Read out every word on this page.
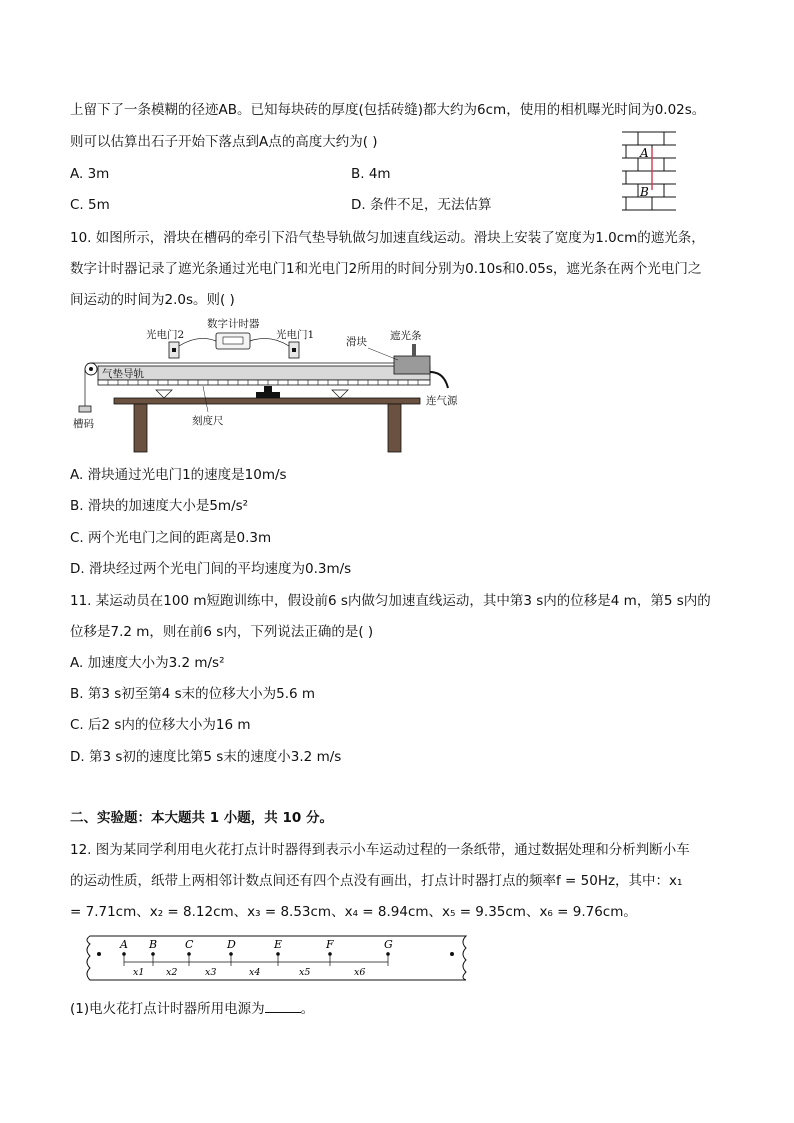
上留下了一条模糊的径迹AB。已知每块砖的厚度(包括砖缝)都大约为6cm，使用的相机曝光时间为0.02s。
则可以估算出石子开始下落点到A点的高度大约为( )
A. 3m	B. 4m
C. 5m	D. 条件不足，无法估算
A
B
10. 如图所示，滑块在槽码的牵引下沿气垫导轨做匀加速直线运动。滑块上安装了宽度为1.0cm的遮光条，
数字计时器记录了遮光条通过光电门1和光电门2所用的时间分别为0.10s和0.05s，遮光条在两个光电门之
间运动的时间为2.0s。则( )
数字计时器
光电门2	光电门1
滑块 遮光条
气垫导轨
连气源
槽码	刻度尺
A. 滑块通过光电门1的速度是10m/s
B. 滑块的加速度大小是5m/s²
C. 两个光电门之间的距离是0.3m
D. 滑块经过两个光电门间的平均速度为0.3m/s
11. 某运动员在100 m短跑训练中，假设前6 s内做匀加速直线运动，其中第3 s内的位移是4 m，第5 s内的
位移是7.2 m，则在前6 s内，下列说法正确的是( )
A. 加速度大小为3.2 m/s²
B. 第3 s初至第4 s末的位移大小为5.6 m
C. 后2 s内的位移大小为16 m
D. 第3 s初的速度比第5 s末的速度小3.2 m/s
二、实验题：本大题共 1 小题，共 10 分。
12. 图为某同学利用电火花打点计时器得到表示小车运动过程的一条纸带，通过数据处理和分析判断小车
的运动性质，纸带上两相邻计数点间还有四个点没有画出，打点计时器打点的频率f = 50Hz，其中：x₁
= 7.71cm、x₂ = 8.12cm、x₃ = 8.53cm、x₄ = 8.94cm、x₅ = 9.35cm、x₆ = 9.76cm。
A B	C	D	E	F	G
x1 x2	x3	x4	x5	x6
(1)电火花打点计时器所用电源为	。
